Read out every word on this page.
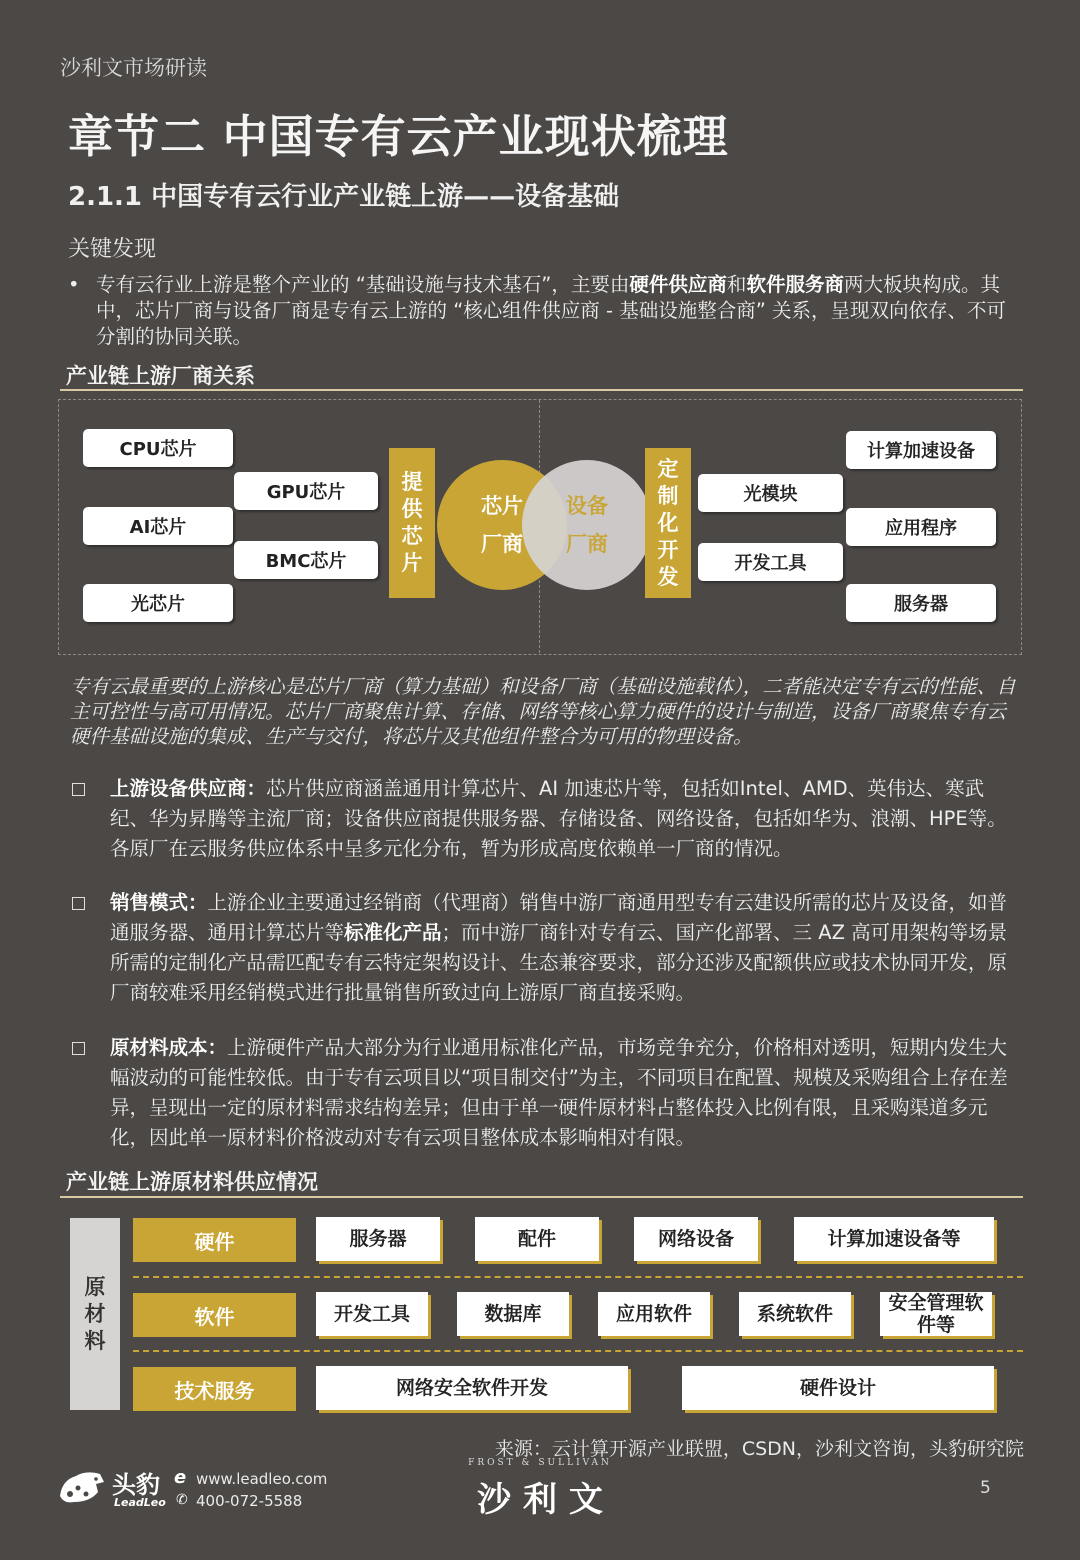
沙利文市场研读
章节二 中国专有云产业现状梳理
2.1.1 中国专有云行业产业链上游——设备基础
关键发现
• 专有云行业上游是整个产业的 “基础设施与技术基石”，主要由硬件供应商和软件服务商两大板块构成。其中，芯片厂商与设备厂商是专有云上游的 “核心组件供应商 - 基础设施整合商” 关系，呈现双向依存、不可分割的协同关联。
产业链上游厂商关系
CPU芯片
GPU芯片
AI芯片
BMC芯片
光芯片
提供芯片
芯片厂商
设备厂商
定制化开发
光模块
开发工具
计算加速设备
应用程序
服务器
专有云最重要的上游核心是芯片厂商（算力基础）和设备厂商（基础设施载体），二者能决定专有云的性能、自主可控性与高可用情况。芯片厂商聚焦计算、存储、网络等核心算力硬件的设计与制造，设备厂商聚焦专有云硬件基础设施的集成、生产与交付，将芯片及其他组件整合为可用的物理设备。
上游设备供应商：芯片供应商涵盖通用计算芯片、AI 加速芯片等，包括如Intel、AMD、英伟达、寒武纪、华为昇腾等主流厂商；设备供应商提供服务器、存储设备、网络设备，包括如华为、浪潮、HPE等。各原厂在云服务供应体系中呈多元化分布，暂为形成高度依赖单一厂商的情况。
销售模式：上游企业主要通过经销商（代理商）销售中游厂商通用型专有云建设所需的芯片及设备，如普通服务器、通用计算芯片等标准化产品；而中游厂商针对专有云、国产化部署、三 AZ 高可用架构等场景所需的定制化产品需匹配专有云特定架构设计、生态兼容要求，部分还涉及配额供应或技术协同开发，原厂商较难采用经销模式进行批量销售所致过向上游原厂商直接采购。
原材料成本：上游硬件产品大部分为行业通用标准化产品，市场竞争充分，价格相对透明，短期内发生大幅波动的可能性较低。由于专有云项目以“项目制交付”为主，不同项目在配置、规模及采购组合上存在差异，呈现出一定的原材料需求结构差异；但由于单一硬件原材料占整体投入比例有限，且采购渠道多元化，因此单一原材料价格波动对专有云项目整体成本影响相对有限。
产业链上游原材料供应情况
原材料
硬件	服务器	配件	网络设备	计算加速设备等
软件	开发工具	数据库	应用软件	系统软件	安全管理软件等
技术服务	网络安全软件开发	硬件设计
来源：云计算开源产业联盟，CSDN，沙利文咨询，头豹研究院
头豹
LeadLeo
e
✆
www.leadleo.com
400-072-5588
FROST & SULLIVAN
沙 利 文	5
